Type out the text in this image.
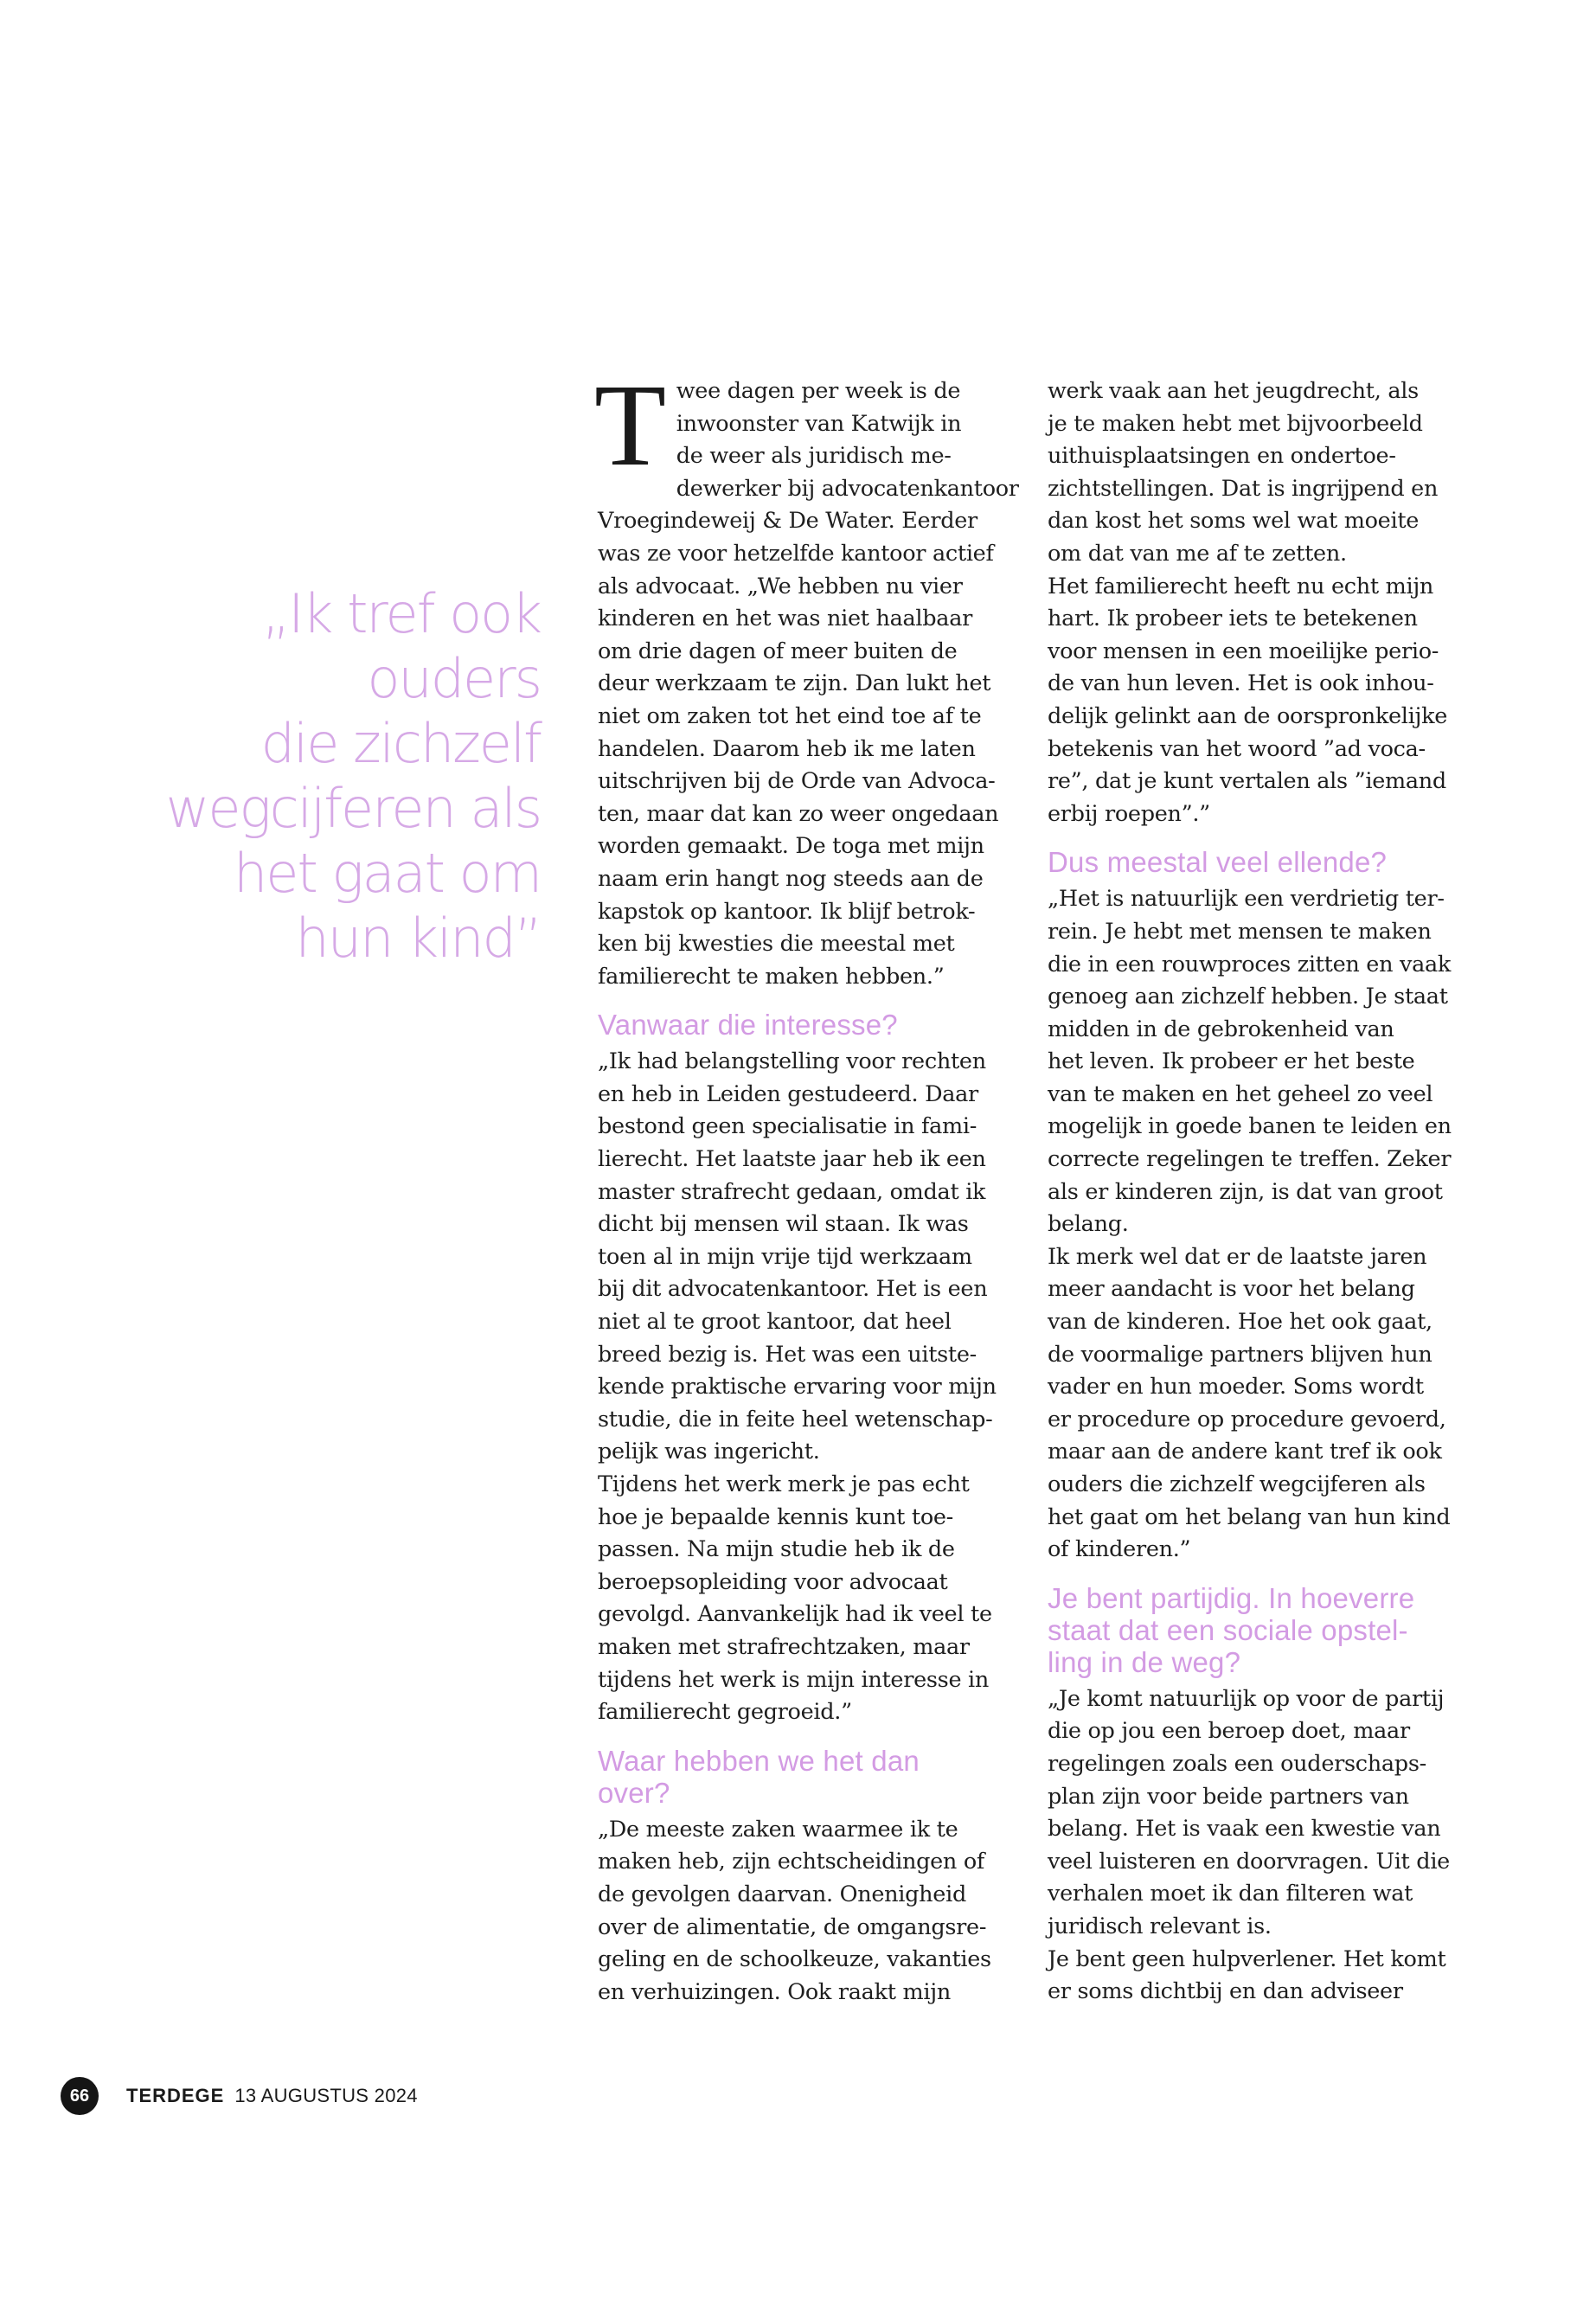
„Ik tref ook
ouders
die zichzelf
wegcijferen als
het gaat om
hun kind”
T wee dagen per week is de
inwoonster van Katwijk in
de weer als juridisch me-
dewerker bij advocatenkantoor
Vroegindeweij & De Water. Eerder
was ze voor hetzelfde kantoor actief
als advocaat. „We hebben nu vier
kinderen en het was niet haalbaar
om drie dagen of meer buiten de
deur werkzaam te zijn. Dan lukt het
niet om zaken tot het eind toe af te
handelen. Daarom heb ik me laten
uitschrijven bij de Orde van Advoca-
ten, maar dat kan zo weer ongedaan
worden gemaakt. De toga met mijn
naam erin hangt nog steeds aan de
kapstok op kantoor. Ik blijf betrok-
ken bij kwesties die meestal met
familierecht te maken hebben.”
Vanwaar die interesse?
„Ik had belangstelling voor rechten
en heb in Leiden gestudeerd. Daar
bestond geen specialisatie in fami-
lierecht. Het laatste jaar heb ik een
master strafrecht gedaan, omdat ik
dicht bij mensen wil staan. Ik was
toen al in mijn vrije tijd werkzaam
bij dit advocatenkantoor. Het is een
niet al te groot kantoor, dat heel
breed bezig is. Het was een uitste-
kende praktische ervaring voor mijn
studie, die in feite heel wetenschap-
pelijk was ingericht.
Tijdens het werk merk je pas echt
hoe je bepaalde kennis kunt toe-
passen. Na mijn studie heb ik de
beroepsopleiding voor advocaat
gevolgd. Aanvankelijk had ik veel te
maken met strafrechtzaken, maar
tijdens het werk is mijn interesse in
familierecht gegroeid.”
Waar hebben we het dan
over?
„De meeste zaken waarmee ik te
maken heb, zijn echtscheidingen of
de gevolgen daarvan. Onenigheid
over de alimentatie, de omgangsre-
geling en de schoolkeuze, vakanties
en verhuizingen. Ook raakt mijn
werk vaak aan het jeugdrecht, als
je te maken hebt met bijvoorbeeld
uithuisplaatsingen en ondertoe-
zichtstellingen. Dat is ingrijpend en
dan kost het soms wel wat moeite
om dat van me af te zetten.
Het familierecht heeft nu echt mijn
hart. Ik probeer iets te betekenen
voor mensen in een moeilijke perio-
de van hun leven. Het is ook inhou-
delijk gelinkt aan de oorspronkelijke
betekenis van het woord ”ad voca-
re”, dat je kunt vertalen als ”iemand
erbij roepen”.”
Dus meestal veel ellende?
„Het is natuurlijk een verdrietig ter-
rein. Je hebt met mensen te maken
die in een rouwproces zitten en vaak
genoeg aan zichzelf hebben. Je staat
midden in de gebrokenheid van
het leven. Ik probeer er het beste
van te maken en het geheel zo veel
mogelijk in goede banen te leiden en
correcte regelingen te treffen. Zeker
als er kinderen zijn, is dat van groot
belang.
Ik merk wel dat er de laatste jaren
meer aandacht is voor het belang
van de kinderen. Hoe het ook gaat,
de voormalige partners blijven hun
vader en hun moeder. Soms wordt
er procedure op procedure gevoerd,
maar aan de andere kant tref ik ook
ouders die zichzelf wegcijferen als
het gaat om het belang van hun kind
of kinderen.”
Je bent partijdig. In hoeverre
staat dat een sociale opstel-
ling in de weg?
„Je komt natuurlijk op voor de partij
die op jou een beroep doet, maar
regelingen zoals een ouderschaps-
plan zijn voor beide partners van
belang. Het is vaak een kwestie van
veel luisteren en doorvragen. Uit die
verhalen moet ik dan filteren wat
juridisch relevant is.
Je bent geen hulpverlener. Het komt
er soms dichtbij en dan adviseer
66	TERDEGE 13 AUGUSTUS 2024
